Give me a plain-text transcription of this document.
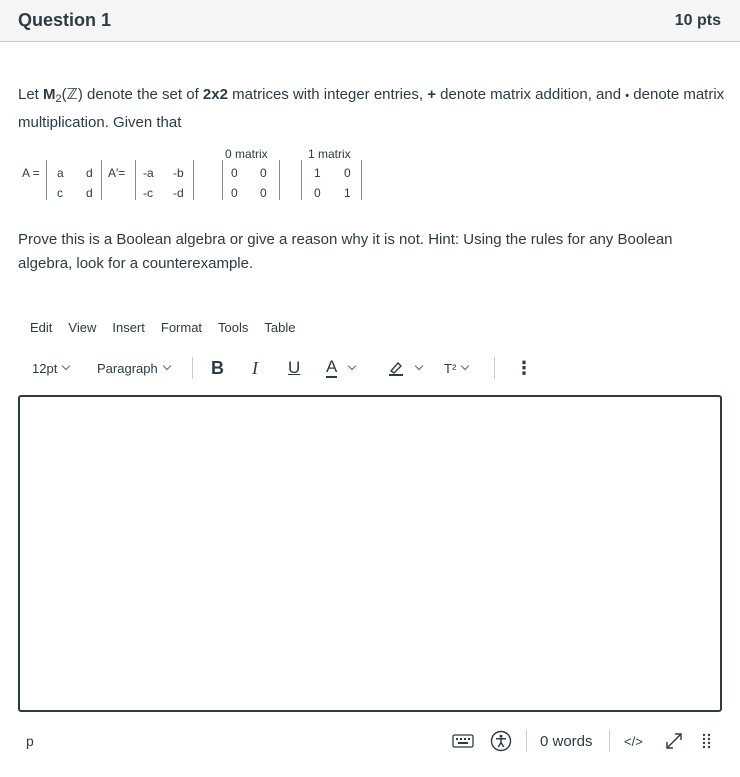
Question 1	10 pts
Let $M_2(ℤ)$ denote the set of 2x2 matrices with integer entries, + denote matrix addition, and • denote matrix multiplication. Given that
A = a d
c d
A′= -a -b
-c -d
0 matrix
0 0
0 0
1 matrix
1 0
0 1
Prove this is a Boolean algebra or give a reason why it is not. Hint: Using the rules for any Boolean algebra, look for a counterexample.
Edit View Insert Format Tools Table
12pt	Paragraph	B I U A	T²	⋮
p	0 words </>
